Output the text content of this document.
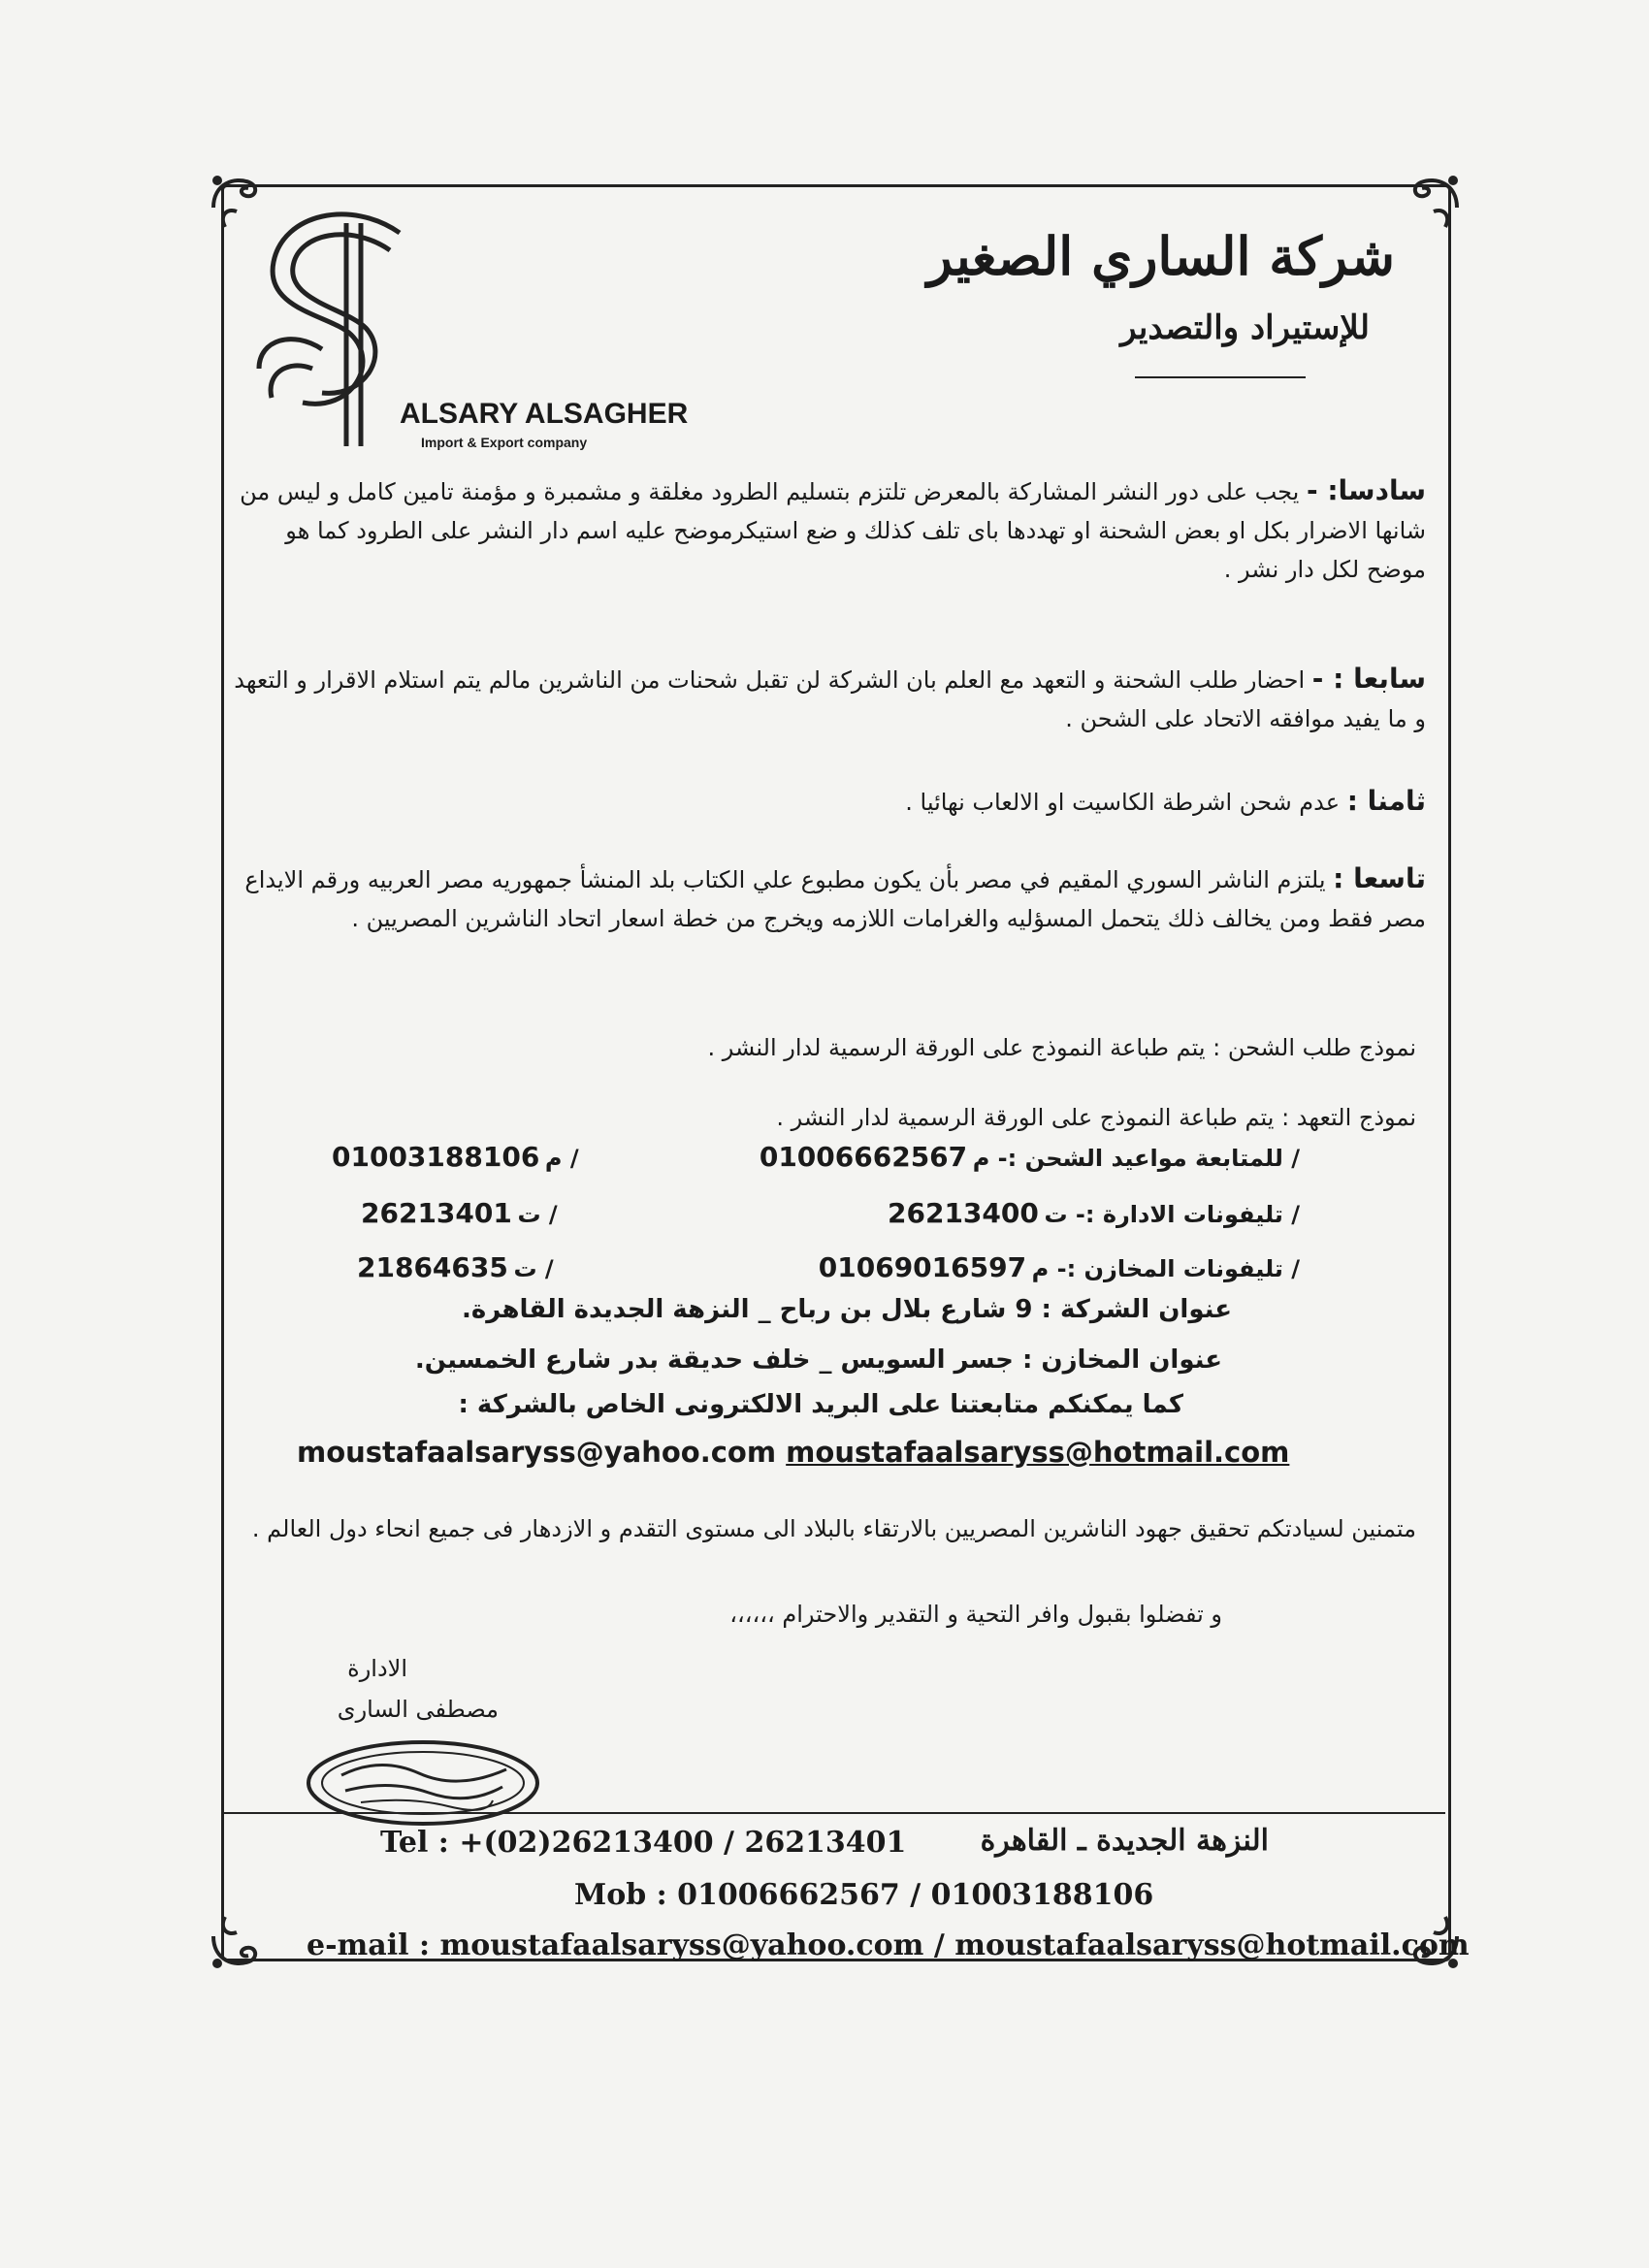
ALSARY ALSAGHER
Import & Export company
شركة الساري الصغير
للإستيراد والتصدير
سادسا: - يجب على دور النشر المشاركة بالمعرض تلتزم بتسليم الطرود مغلقة و مشمبرة و مؤمنة تامين كامل و ليس من شانها الاضرار بكل او بعض الشحنة او تهددها باى تلف كذلك و ضع استيكرموضح عليه اسم دار النشر على الطرود كما هو موضح لكل دار نشر .
سابعا : - احضار طلب الشحنة و التعهد مع العلم بان الشركة لن تقبل شحنات من الناشرين مالم يتم استلام الاقرار و التعهد و ما يفيد موافقه الاتحاد على الشحن .
ثامنا : عدم شحن اشرطة الكاسيت او الالعاب نهائيا .
تاسعا : يلتزم الناشر السوري المقيم في مصر بأن يكون مطبوع علي الكتاب بلد المنشأ جمهوريه مصر العربيه ورقم الايداع مصر فقط ومن يخالف ذلك يتحمل المسؤليه والغرامات اللازمه ويخرج من خطة اسعار اتحاد الناشرين المصريين .
نموذج طلب الشحن : يتم طباعة النموذج على الورقة الرسمية لدار النشر .
نموذج التعهد : يتم طباعة النموذج على الورقة الرسمية لدار النشر .
01006662567 للمتابعة مواعيد الشحن :- م /
01003188106 م /
26213400 تليفونات الادارة :- ت /
26213401 ت /
01069016597 تليفونات المخازن :- م /
21864635 ت /
عنوان الشركة : 9 شارع بلال بن رباح _ النزهة الجديدة القاهرة.
عنوان المخازن : جسر السويس _ خلف حديقة بدر شارع الخمسين.
كما يمكنكم متابعتنا على البريد الالكترونى الخاص بالشركة :
moustafaalsaryss@yahoo.com moustafaalsaryss@hotmail.com
متمنين لسيادتكم تحقيق جهود الناشرين المصريين بالارتقاء بالبلاد الى مستوى التقدم و الازدهار فى جميع انحاء دول العالم .
و تفضلوا بقبول وافر التحية و التقدير والاحترام ،،،،،،
الادارة
مصطفى السارى
Tel : +(02)26213400 / 26213401	النزهة الجديدة ـ القاهرة
Mob : 01006662567 / 01003188106
e-mail : moustafaalsaryss@yahoo.com / moustafaalsaryss@hotmail.com
